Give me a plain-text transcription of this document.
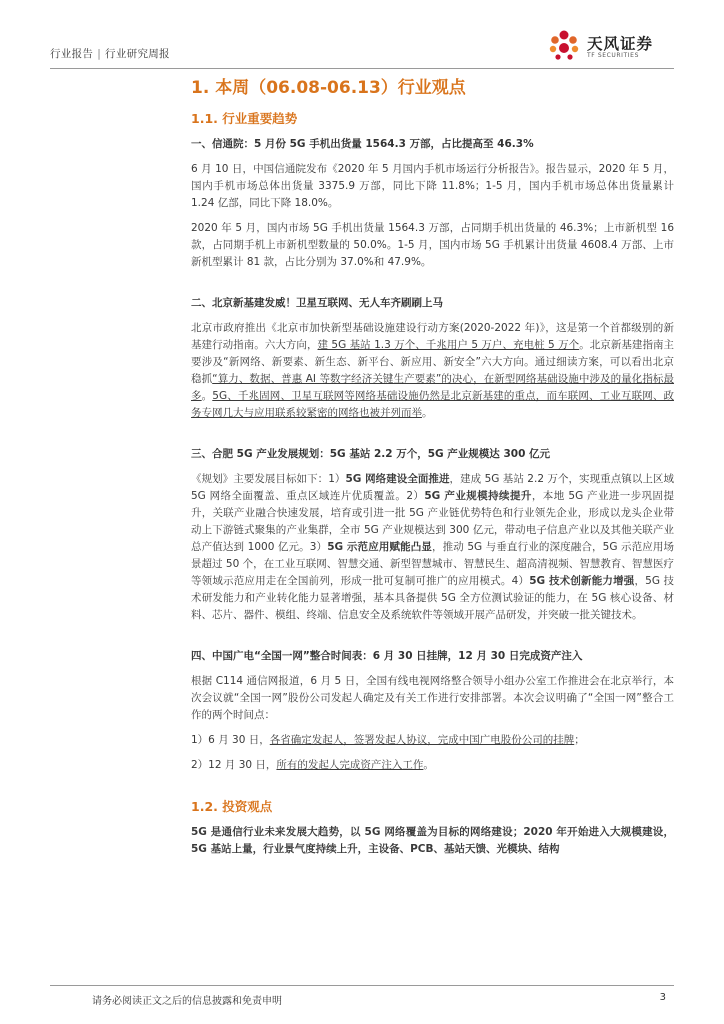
行业报告 | 行业研究周报
天风证券
TF SECURITIES
1. 本周（06.08-06.13）行业观点
1.1. 行业重要趋势
一、信通院：5 月份 5G 手机出货量 1564.3 万部，占比提高至 46.3%

6 月 10 日，中国信通院发布《2020 年 5 月国内手机市场运行分析报告》。报告显示，2020 年 5 月，国内手机市场总体出货量 3375.9 万部，同比下降 11.8%；1-5 月，国内手机市场总体出货量累计 1.24 亿部，同比下降 18.0%。

2020 年 5 月，国内市场 5G 手机出货量 1564.3 万部，占同期手机出货量的 46.3%；上市新机型 16 款，占同期手机上市新机型数量的 50.0%。1-5 月，国内市场 5G 手机累计出货量 4608.4 万部、上市新机型累计 81 款，占比分别为 37.0%和 47.9%。

二、北京新基建发威！卫星互联网、无人车齐刷刷上马

北京市政府推出《北京市加快新型基础设施建设行动方案(2020-2022 年)》，这是第一个首都级别的新基建行动指南。六大方向，建 5G 基站 1.3 万个、千兆用户 5 万户、充电桩 5 万个。北京新基建指南主要涉及“新网络、新要素、新生态、新平台、新应用、新安全”六大方向。通过细读方案，可以看出北京稳抓“算力、数据、普惠 AI 等数字经济关键生产要素”的决心，在新型网络基础设施中涉及的量化指标最多。5G、千兆固网、卫星互联网等网络基础设施仍然是北京新基建的重点，而车联网、工业互联网、政务专网几大与应用联系较紧密的网络也被并列而举。

三、合肥 5G 产业发展规划：5G 基站 2.2 万个，5G 产业规模达 300 亿元

《规划》主要发展目标如下：1）5G 网络建设全面推进，建成 5G 基站 2.2 万个，实现重点镇以上区域 5G 网络全面覆盖、重点区域连片优质覆盖。2）5G 产业规模持续提升，本地 5G 产业进一步巩固提升，关联产业融合快速发展，培育或引进一批 5G 产业链优势特色和行业领先企业，形成以龙头企业带动上下游链式聚集的产业集群，全市 5G 产业规模达到 300 亿元，带动电子信息产业以及其他关联产业总产值达到 1000 亿元。3）5G 示范应用赋能凸显，推动 5G 与垂直行业的深度融合，5G 示范应用场景超过 50 个，在工业互联网、智慧交通、新型智慧城市、智慧民生、超高清视频、智慧教育、智慧医疗等领域示范应用走在全国前列，形成一批可复制可推广的应用模式。4）5G 技术创新能力增强，5G 技术研发能力和产业转化能力显著增强，基本具备提供 5G 全方位测试验证的能力，在 5G 核心设备、材料、芯片、器件、模组、终端、信息安全及系统软件等领域开展产品研发，并突破一批关键技术。

四、中国广电“全国一网”整合时间表：6 月 30 日挂牌，12 月 30 日完成资产注入

根据 C114 通信网报道，6 月 5 日，全国有线电视网络整合领导小组办公室工作推进会在北京举行，本次会议就“全国一网”股份公司发起人确定及有关工作进行安排部署。本次会议明确了“全国一网”整合工作的两个时间点：

1）6 月 30 日，各省确定发起人，签署发起人协议，完成中国广电股份公司的挂牌；

2）12 月 30 日，所有的发起人完成资产注入工作。

1.2. 投资观点

5G 是通信行业未来发展大趋势，以 5G 网络覆盖为目标的网络建设；2020 年开始进入大规模建设，5G 基站上量，行业景气度持续上升，主设备、PCB、基站天馈、光模块、结构

请务必阅读正文之后的信息披露和免责申明	3
